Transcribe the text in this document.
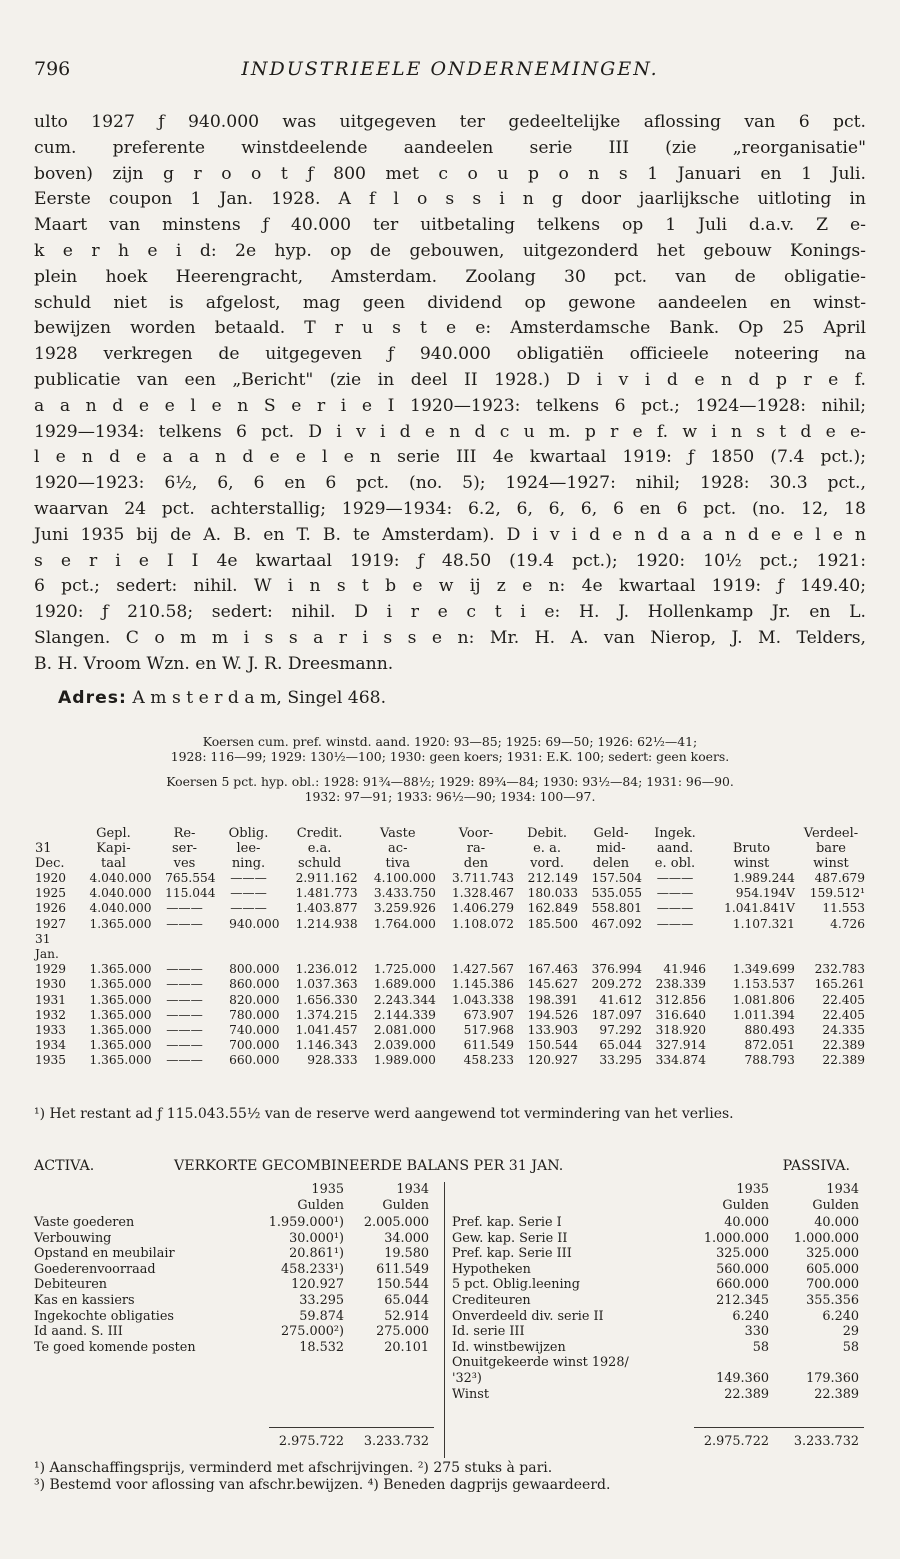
796	INDUSTRIEELE ONDERNEMINGEN.
ulto 1927 ƒ 940.000 was uitgegeven ter gedeeltelijke aflossing van 6 pct.
cum. preferente winstdeelende aandeelen serie III (zie „reorganisatie"
boven) zijn g r o o t ƒ 800 met c o u p o n s 1 Januari en 1 Juli.
Eerste coupon 1 Jan. 1928. A f l o s s i n g door jaarlijksche uitloting in
Maart van minstens ƒ 40.000 ter uitbetaling telkens op 1 Juli d.a.v. Z e-
k e r h e i d: 2e hyp. op de gebouwen, uitgezonderd het gebouw Konings-
plein hoek Heerengracht, Amsterdam. Zoolang 30 pct. van de obligatie-
schuld niet is afgelost, mag geen dividend op gewone aandeelen en winst-
bewijzen worden betaald. T r u s t e e: Amsterdamsche Bank. Op 25 April
1928 verkregen de uitgegeven ƒ 940.000 obligatiën officieele noteering na
publicatie van een „Bericht" (zie in deel II 1928.) D i v i d e n d p r e f.
a a n d e e l e n S e r i e I 1920—1923: telkens 6 pct.; 1924—1928: nihil;
1929—1934: telkens 6 pct. D i v i d e n d c u m. p r e f. w i n s t d e e-
l e n d e a a n d e e l e n serie III 4e kwartaal 1919: ƒ 1850 (7.4 pct.);
1920—1923: 6½, 6, 6 en 6 pct. (no. 5); 1924—1927: nihil; 1928: 30.3 pct.,
waarvan 24 pct. achterstallig; 1929—1934: 6.2, 6, 6, 6, 6 en 6 pct. (no. 12, 18
Juni 1935 bij de A. B. en T. B. te Amsterdam). D i v i d e n d a a n d e e l e n
s e r i e I I 4e kwartaal 1919: ƒ 48.50 (19.4 pct.); 1920: 10½ pct.; 1921:
6 pct.; sedert: nihil. W i n s t b e w ij z e n: 4e kwartaal 1919: ƒ 149.40;
1920: ƒ 210.58; sedert: nihil. D i r e c t i e: H. J. Hollenkamp Jr. en L.
Slangen. C o m m i s s a r i s s e n: Mr. H. A. van Nierop, J. M. Telders,
B. H. Vroom Wzn. en W. J. R. Dreesmann.
Adres: A m s t e r d a m, Singel 468.
Koersen cum. pref. winstd. aand. 1920: 93—85; 1925: 69—50; 1926: 62½—41;
1928: 116—99; 1929: 130½—100; 1930: geen koers; 1931: E.K. 100; sedert: geen koers.
Koersen 5 pct. hyp. obl.: 1928: 91¾—88½; 1929: 89¾—84; 1930: 93½—84; 1931: 96—90.
1932: 97—91; 1933: 96½—90; 1934: 100—97.
	Gepl.	Re-	Oblig.	Credit.	Vaste	Voor-	Debit.	Geld-	Ingek.		Verdeel-
31	Kapi-	ser-	lee-	e.a.	ac-	ra-	e. a.	mid-	aand.	Bruto	bare
Dec.	taal	ves	ning.	schuld	tiva	den	vord.	delen	e. obl.	winst	winst
1920	4.040.000	765.554	———	2.911.162	4.100.000	3.711.743	212.149	157.504	———	1.989.244	487.679
1925	4.040.000	115.044	———	1.481.773	3.433.750	1.328.467	180.033	535.055	———	954.194V	159.512¹
1926	4.040.000	———	———	1.403.877	3.259.926	1.406.279	162.849	558.801	———	1.041.841V	11.553
1927	1.365.000	———	940.000	1.214.938	1.764.000	1.108.072	185.500	467.092	———	1.107.321	4.726
31											
Jan.											
1929	1.365.000	———	800.000	1.236.012	1.725.000	1.427.567	167.463	376.994	41.946	1.349.699	232.783
1930	1.365.000	———	860.000	1.037.363	1.689.000	1.145.386	145.627	209.272	238.339	1.153.537	165.261
1931	1.365.000	———	820.000	1.656.330	2.243.344	1.043.338	198.391	41.612	312.856	1.081.806	22.405
1932	1.365.000	———	780.000	1.374.215	2.144.339	673.907	194.526	187.097	316.640	1.011.394	22.405
1933	1.365.000	———	740.000	1.041.457	2.081.000	517.968	133.903	97.292	318.920	880.493	24.335
1934	1.365.000	———	700.000	1.146.343	2.039.000	611.549	150.544	65.044	327.914	872.051	22.389
1935	1.365.000	———	660.000	928.333	1.989.000	458.233	120.927	33.295	334.874	788.793	22.389
¹) Het restant ad ƒ 115.043.55½ van de reserve werd aangewend tot vermindering van het verlies.
ACTIVA.	VERKORTE GECOMBINEERDE BALANS PER 31 JAN.	PASSIVA.
1935	1934
Gulden	Gulden
1935	1934
Gulden	Gulden
Vaste goederen	1.959.000¹)	2.005.000
Verbouwing	30.000¹)	34.000
Opstand en meubilair	20.861¹)	19.580
Goederenvoorraad	458.233¹)	611.549
Debiteuren	120.927	150.544
Kas en kassiers	33.295	65.044
Ingekochte obligaties	59.874	52.914
Id aand. S. III	275.000²)	275.000
Te goed komende posten	18.532	20.101
Pref. kap. Serie I	40.000	40.000
Gew. kap. Serie II	1.000.000	1.000.000
Pref. kap. Serie III	325.000	325.000
Hypotheken	560.000	605.000
5 pct. Oblig.leening	660.000	700.000
Crediteuren	212.345	355.356
Onverdeeld div. serie II	6.240	6.240
Id. serie III	330	29
Id. winstbewijzen	58	58
Onuitgekeerde winst 1928/
'32³)	149.360	179.360
Winst	22.389	22.389
2.975.722	3.233.732	2.975.722	3.233.732
¹) Aanschaffingsprijs, verminderd met afschrijvingen. ²) 275 stuks à pari.
³) Bestemd voor aflossing van afschr.bewijzen. ⁴) Beneden dagprijs gewaardeerd.
